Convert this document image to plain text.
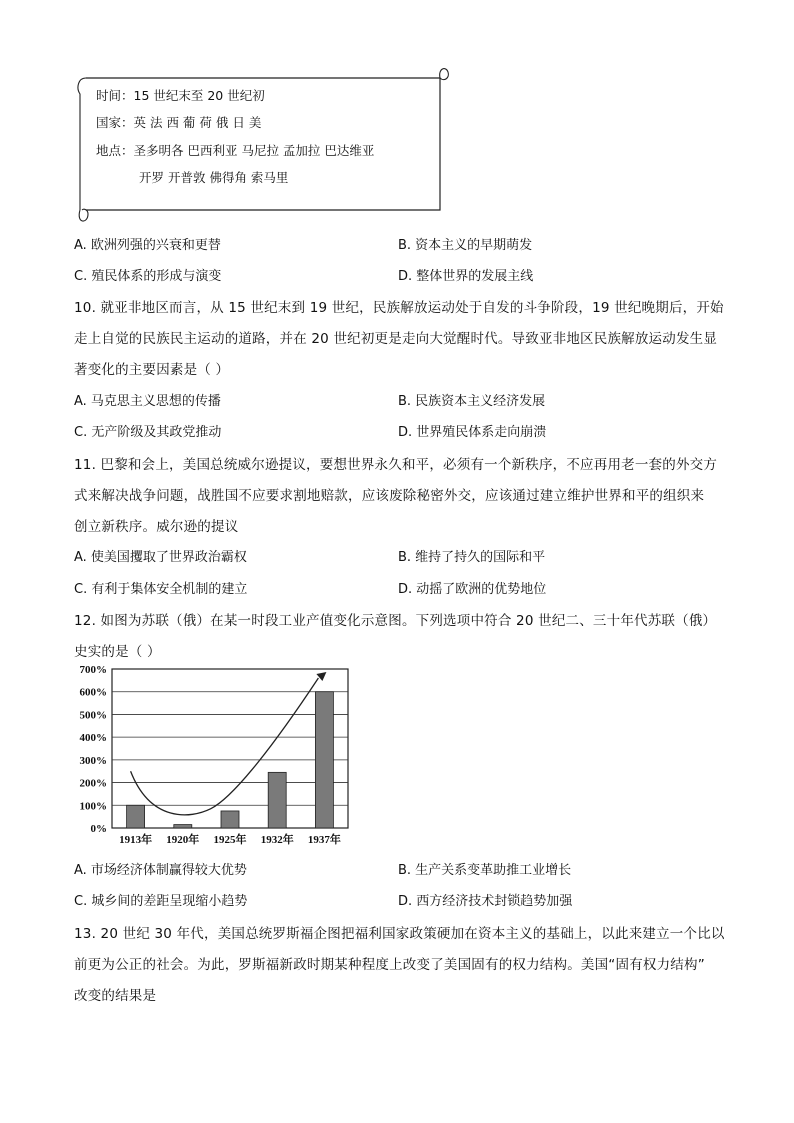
时间：15 世纪末至 20 世纪初
国家：英 法 西 葡 荷 俄 日 美
地点：圣多明各 巴西利亚 马尼拉 孟加拉 巴达维亚
开罗 开普敦 佛得角 索马里
A. 欧洲列强的兴衰和更替	B. 资本主义的早期萌发
C. 殖民体系的形成与演变	D. 整体世界的发展主线
10. 就亚非地区而言，从 15 世纪末到 19 世纪，民族解放运动处于自发的斗争阶段，19 世纪晚期后，开始
走上自觉的民族民主运动的道路，并在 20 世纪初更是走向大觉醒时代。导致亚非地区民族解放运动发生显
著变化的主要因素是（ ）
A. 马克思主义思想的传播	B. 民族资本主义经济发展
C. 无产阶级及其政党推动	D. 世界殖民体系走向崩溃
11. 巴黎和会上，美国总统威尔逊提议，要想世界永久和平，必须有一个新秩序，不应再用老一套的外交方
式来解决战争问题，战胜国不应要求割地赔款，应该废除秘密外交，应该通过建立维护世界和平的组织来
创立新秩序。威尔逊的提议
A. 使美国攫取了世界政治霸权	B. 维持了持久的国际和平
C. 有利于集体安全机制的建立	D. 动摇了欧洲的优势地位
12. 如图为苏联（俄）在某一时段工业产值变化示意图。下列选项中符合 20 世纪二、三十年代苏联（俄）
史实的是（ ）
0%
100%
200%
300%
400%
500%
600%
700%
1913年 1920年 1925年 1932年 1937年
A. 市场经济体制赢得较大优势	B. 生产关系变革助推工业增长
C. 城乡间的差距呈现缩小趋势	D. 西方经济技术封锁趋势加强
13. 20 世纪 30 年代，美国总统罗斯福企图把福利国家政策硬加在资本主义的基础上，以此来建立一个比以
前更为公正的社会。为此，罗斯福新政时期某种程度上改变了美国固有的权力结构。美国“固有权力结构”
改变的结果是
